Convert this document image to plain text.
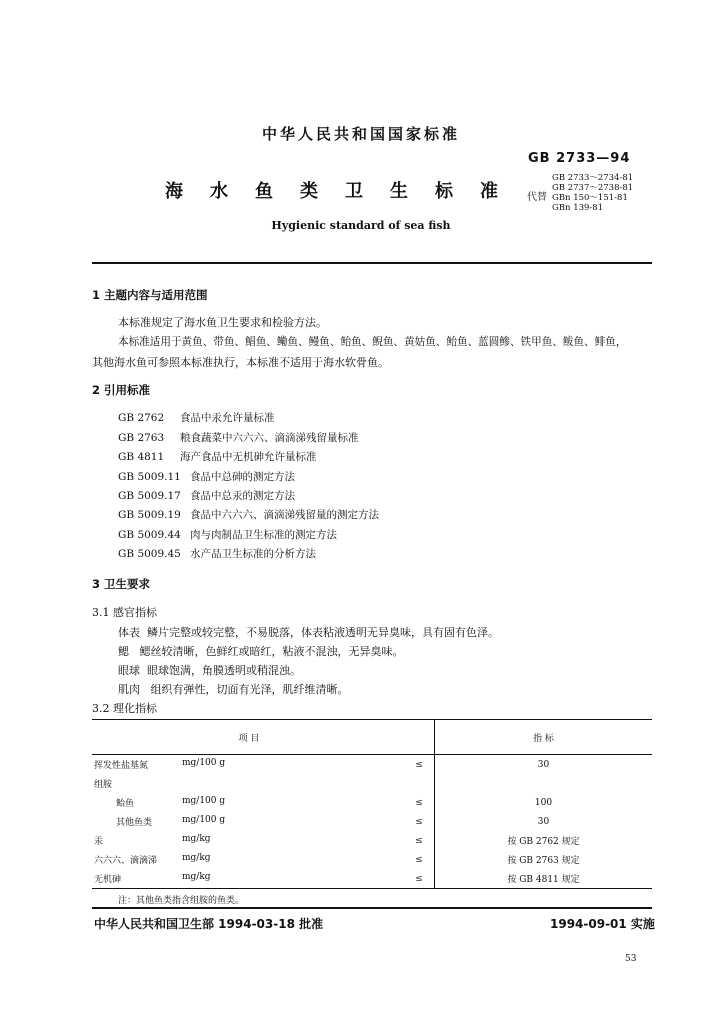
中华人民共和国国家标准
GB 2733—94
海水鱼类卫生标准
Hygienic standard of sea fish
代替
GB 2733～2734-81
GB 2737～2738-81
GBn 150～151-81
GBn 139-81
1 主题内容与适用范围
本标准规定了海水鱼卫生要求和检验方法。
本标准适用于黄鱼、带鱼、鲳鱼、鳓鱼、鳗鱼、鲐鱼、鲵鱼、黄姑鱼、鲐鱼、蓝圆鲹、铁甲鱼、鲅鱼、鲱鱼，
其他海水鱼可参照本标准执行，本标准不适用于海水软骨鱼。
2 引用标准
GB 2762 食品中汞允许量标准
GB 2763 粮食蔬菜中六六六、滴滴涕残留量标准
GB 4811 海产食品中无机砷允许量标准
GB 5009.11 食品中总砷的测定方法
GB 5009.17 食品中总汞的测定方法
GB 5009.19 食品中六六六、滴滴涕残留量的测定方法
GB 5009.44 肉与肉制品卫生标准的测定方法
GB 5009.45 水产品卫生标准的分析方法
3 卫生要求
3.1 感官指标
体表 鳞片完整或较完整，不易脱落，体表粘液透明无异臭味，具有固有色泽。
鳃 鳃丝较清晰，色鲜红或暗红，粘液不混浊，无异臭味。
眼球 眼球饱满，角膜透明或稍混浊。
肌肉 组织有弹性，切面有光泽，肌纤维清晰。
3.2 理化指标
项 目		指 标
挥发性盐基氮 mg/100 g	≤	30
组胺		
鲐鱼 mg/100 g	≤	100
其他鱼类 mg/100 g	≤	30
汞 mg/kg	≤	按 GB 2762 规定
六六六、滴滴涕 mg/kg	≤	按 GB 2763 规定
无机砷 mg/kg	≤	按 GB 4811 规定
注：其他鱼类指含组胺的鱼类。
中华人民共和国卫生部 1994-03-18 批准	1994-09-01 实施
53
